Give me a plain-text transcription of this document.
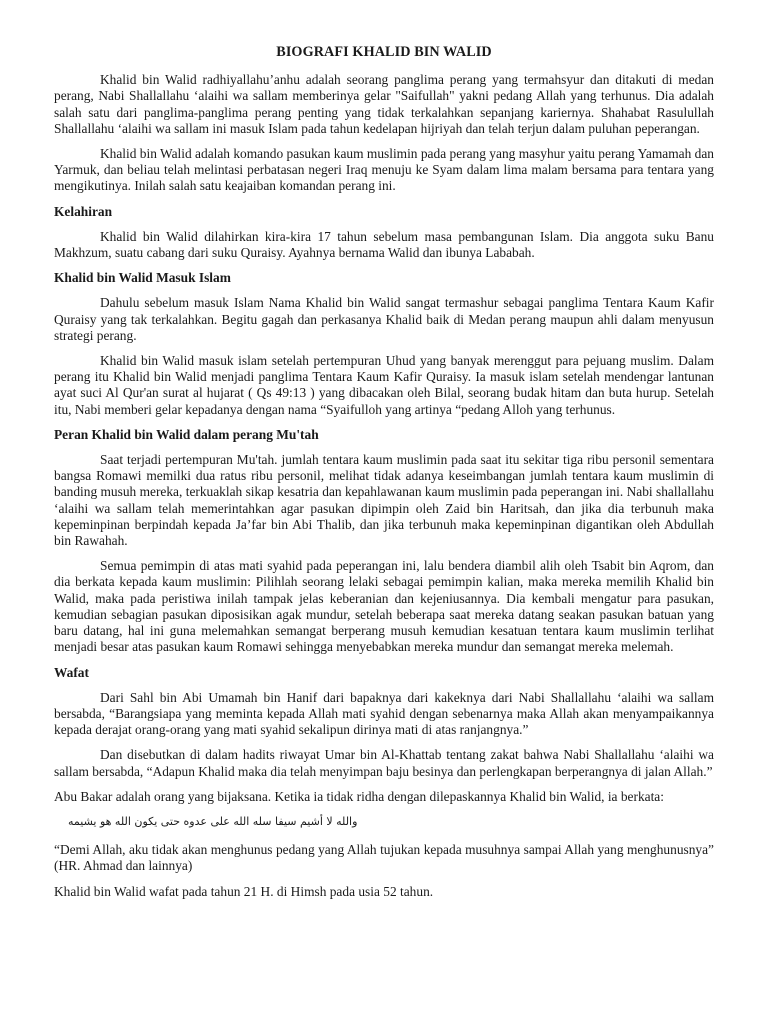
BIOGRAFI KHALID BIN WALID

Khalid bin Walid radhiyallahu’anhu adalah seorang panglima perang yang termahsyur dan ditakuti di medan perang, Nabi Shallallahu ‘alaihi wa sallam memberinya gelar "Saifullah" yakni pedang Allah yang terhunus. Dia adalah salah satu dari panglima-panglima perang penting yang tidak terkalahkan sepanjang kariernya. Shahabat Rasulullah Shallallahu ‘alaihi wa sallam ini masuk Islam pada tahun kedelapan hijriyah dan telah terjun dalam puluhan peperangan.

Khalid bin Walid adalah komando pasukan kaum muslimin pada perang yang masyhur yaitu perang Yamamah dan Yarmuk, dan beliau telah melintasi perbatasan negeri Iraq menuju ke Syam dalam lima malam bersama para tentara yang mengikutinya. Inilah salah satu keajaiban komandan perang ini.

Kelahiran

Khalid bin Walid dilahirkan kira-kira 17 tahun sebelum masa pembangunan Islam. Dia anggota suku Banu Makhzum, suatu cabang dari suku Quraisy. Ayahnya bernama Walid dan ibunya Lababah.

Khalid bin Walid Masuk Islam

Dahulu sebelum masuk Islam Nama Khalid bin Walid sangat termashur sebagai panglima Tentara Kaum Kafir Quraisy yang tak terkalahkan. Begitu gagah dan perkasanya Khalid baik di Medan perang maupun ahli dalam menyusun strategi perang.

Khalid bin Walid masuk islam setelah pertempuran Uhud yang banyak merenggut para pejuang muslim. Dalam perang itu Khalid bin Walid menjadi panglima Tentara Kaum Kafir Quraisy. Ia masuk islam setelah mendengar lantunan ayat suci Al Qur'an surat al hujarat ( Qs 49:13 ) yang dibacakan oleh Bilal, seorang budak hitam dan buta hurup. Setelah itu, Nabi memberi gelar kepadanya dengan nama “Syaifulloh yang artinya “pedang Alloh yang terhunus.

Peran Khalid bin Walid dalam perang Mu'tah

Saat terjadi pertempuran Mu'tah. jumlah tentara kaum muslimin pada saat itu sekitar tiga ribu personil sementara bangsa Romawi memilki dua ratus ribu personil, melihat tidak adanya keseimbangan jumlah tentara kaum muslimin di banding musuh mereka, terkuaklah sikap kesatria dan kepahlawanan kaum muslimin pada peperangan ini. Nabi shallallahu ‘alaihi wa sallam telah memerintahkan agar pasukan dipimpin oleh Zaid bin Haritsah, dan jika dia terbunuh maka kepeminpinan berpindah kepada Ja’far bin Abi Thalib, dan jika terbunuh maka kepeminpinan digantikan oleh Abdullah bin Rawahah.

Semua pemimpin di atas mati syahid pada peperangan ini, lalu bendera diambil alih oleh Tsabit bin Aqrom, dan dia berkata kepada kaum muslimin: Pilihlah seorang lelaki sebagai pemimpin kalian, maka mereka memilih Khalid bin Walid, maka pada peristiwa inilah tampak jelas keberanian dan kejeniusannya. Dia kembali mengatur para pasukan, kemudian sebagian pasukan diposisikan agak mundur, setelah beberapa saat mereka datang seakan pasukan batuan yang baru datang, hal ini guna melemahkan semangat berperang musuh kemudian kesatuan tentara kaum muslimin terlihat menjadi besar atas pasukan kaum Romawi sehingga menyebabkan mereka mundur dan semangat mereka melemah.

Wafat

Dari Sahl bin Abi Umamah bin Hanif dari bapaknya dari kakeknya dari Nabi Shallallahu ‘alaihi wa sallam bersabda, “Barangsiapa yang meminta kepada Allah mati syahid dengan sebenarnya maka Allah akan menyampaikannya kepada derajat orang-orang yang mati syahid sekalipun dirinya mati di atas ranjangnya.”

Dan disebutkan di dalam hadits riwayat Umar bin Al-Khattab tentang zakat bahwa Nabi Shallallahu ‘alaihi wa sallam bersabda, “Adapun Khalid maka dia telah menyimpan baju besinya dan perlengkapan berperangnya di jalan Allah.”

Abu Bakar adalah orang yang bijaksana. Ketika ia tidak ridha dengan dilepaskannya Khalid bin Walid, ia berkata:

والله لا أشيم سيفا سله الله على عدوه حتى يكون الله هو يشيمه

“Demi Allah, aku tidak akan menghunus pedang yang Allah tujukan kepada musuhnya sampai Allah yang menghunusnya” (HR. Ahmad dan lainnya)

Khalid bin Walid wafat pada tahun 21 H. di Himsh pada usia 52 tahun.
